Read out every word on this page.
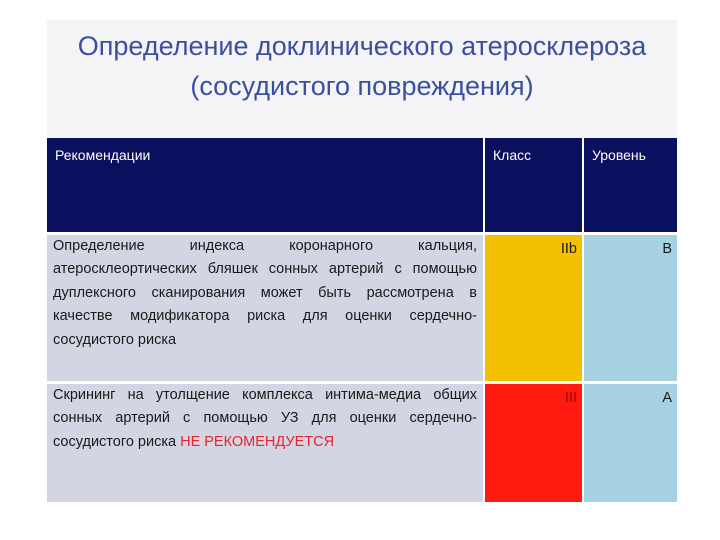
Определение доклинического атеросклероза
(сосудистого повреждения)
Рекомендации	Класс	Уровень
Определение индекса коронарного кальция, атеросклеортических бляшек сонных артерий с помощью дуплексного сканирования может быть рассмотрена в качестве модификатора риска для оценки сердечно-сосудистого риска	IIb	B
Скрининг на утолщение комплекса интима-медиа общих сонных артерий с помощью УЗ для оценки сердечно-сосудистого риска НЕ РЕКОМЕНДУЕТСЯ	III	A
